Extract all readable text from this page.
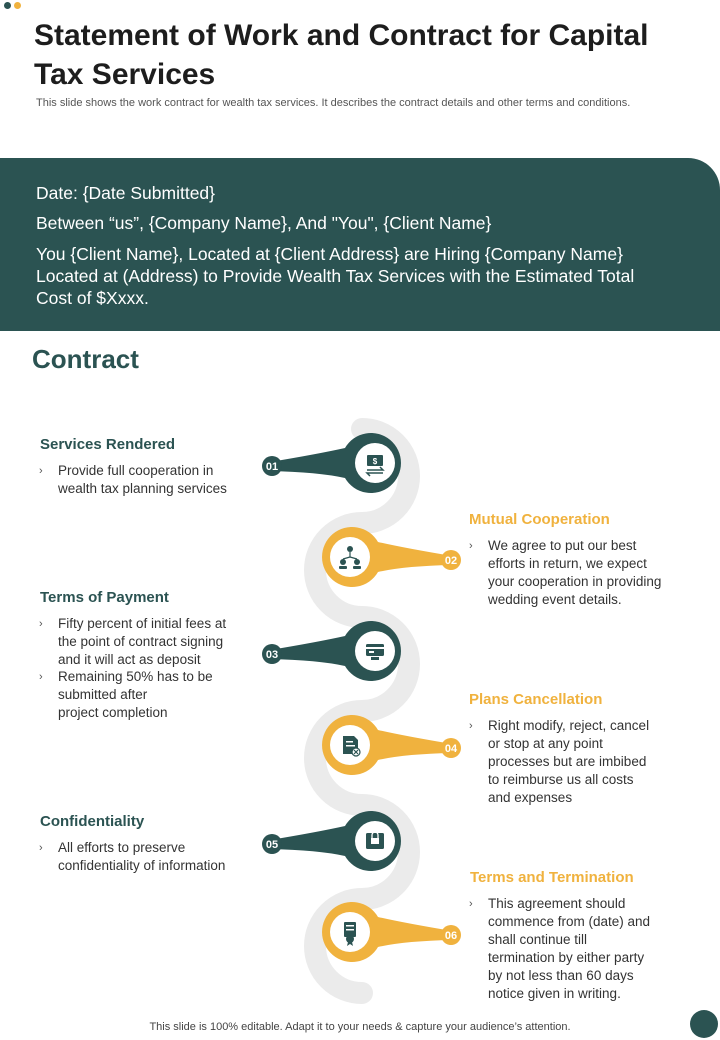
Statement of Work and Contract for Capital Tax Services
This slide shows the work contract for wealth tax services. It describes the contract details and other terms and conditions.
Date: {Date Submitted}
Between “us”, {Company Name}, And "You", {Client Name}
You {Client Name}, Located at {Client Address} are Hiring {Company Name}
Located at (Address) to Provide Wealth Tax Services with the Estimated Total
Cost of $Xxxx.
Contract
$
01
02
03
04
05
06
Services Rendered
› Provide full cooperation in
wealth tax planning services
Mutual Cooperation
› We agree to put our best
efforts in return, we expect
your cooperation in providing
wedding event details.
Terms of Payment
› Fifty percent of initial fees at
the point of contract signing
and it will act as deposit
› Remaining 50% has to be
submitted after
project completion
Plans Cancellation
› Right modify, reject, cancel
or stop at any point
processes but are imbibed
to reimburse us all costs
and expenses
Confidentiality
› All efforts to preserve
confidentiality of information
Terms and Termination
› This agreement should
commence from (date) and
shall continue till
termination by either party
by not less than 60 days
notice given in writing.
This slide is 100% editable. Adapt it to your needs & capture your audience’s attention.
